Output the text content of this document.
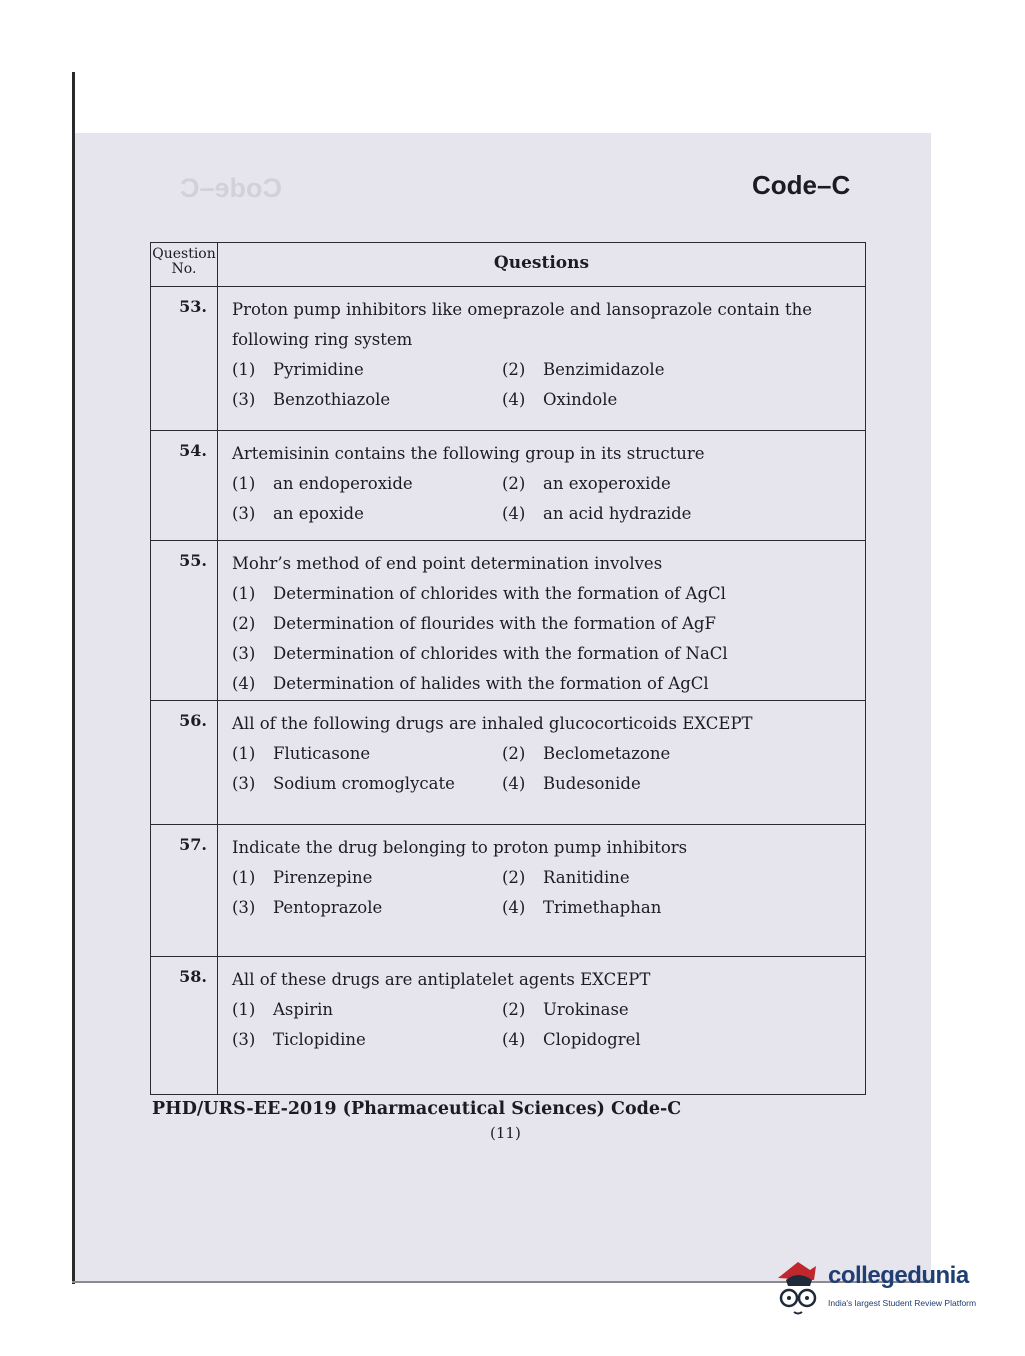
Code–C	Code–C
Question No.	Questions
53.	Proton pump inhibitors like omeprazole and lansoprazole contain the following ring system
(1) Pyrimidine (2) Benzimidazole
(3) Benzothiazole (4) Oxindole

54.	Artemisinin contains the following group in its structure
(1) an endoperoxide (2) an exoperoxide
(3) an epoxide (4) an acid hydrazide

55.	Mohr’s method of end point determination involves
(1) Determination of chlorides with the formation of AgCl
(2) Determination of flourides with the formation of AgF
(3) Determination of chlorides with the formation of NaCl
(4) Determination of halides with the formation of AgCl

56.	All of the following drugs are inhaled glucocorticoids EXCEPT
(1) Fluticasone (2) Beclometazone
(3) Sodium cromoglycate (4) Budesonide

57.	Indicate the drug belonging to proton pump inhibitors
(1) Pirenzepine (2) Ranitidine
(3) Pentoprazole (4) Trimethaphan

58.	All of these drugs are antiplatelet agents EXCEPT
(1) Aspirin (2) Urokinase
(3) Ticlopidine (4) Clopidogrel
PHD/URS-EE-2019 (Pharmaceutical Sciences) Code-C
(11)
collegedunia
India's largest Student Review Platform
